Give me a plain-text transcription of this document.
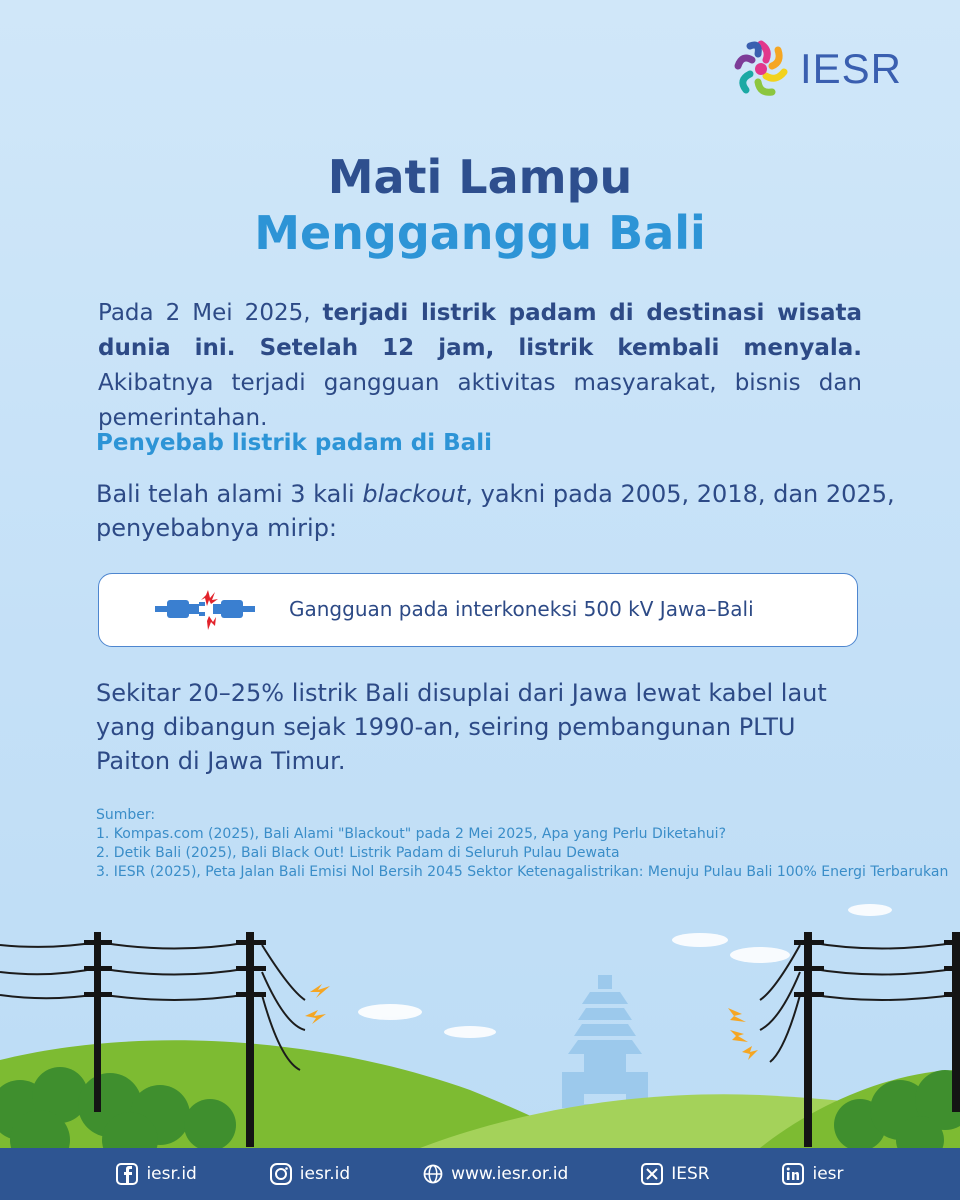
IESR
Mati Lampu
Mengganggu Bali

Pada 2 Mei 2025, terjadi listrik padam di destinasi wisata dunia ini. Setelah 12 jam, listrik kembali menyala. Akibatnya terjadi gangguan aktivitas masyarakat, bisnis dan pemerintahan.

Penyebab listrik padam di Bali

Bali telah alami 3 kali blackout, yakni pada 2005, 2018, dan 2025, penyebabnya mirip:

Gangguan pada interkoneksi 500 kV Jawa–Bali

Sekitar 20–25% listrik Bali disuplai dari Jawa lewat kabel laut yang dibangun sejak 1990-an, seiring pembangunan PLTU Paiton di Jawa Timur.

Sumber:
1. Kompas.com (2025), Bali Alami "Blackout" pada 2 Mei 2025, Apa yang Perlu Diketahui?
2. Detik Bali (2025), Bali Black Out! Listrik Padam di Seluruh Pulau Dewata
3. IESR (2025), Peta Jalan Bali Emisi Nol Bersih 2045 Sektor Ketenagalistrikan: Menuju Pulau Bali 100% Energi Terbarukan
iesr.id	iesr.id	www.iesr.or.id	IESR	iesr
